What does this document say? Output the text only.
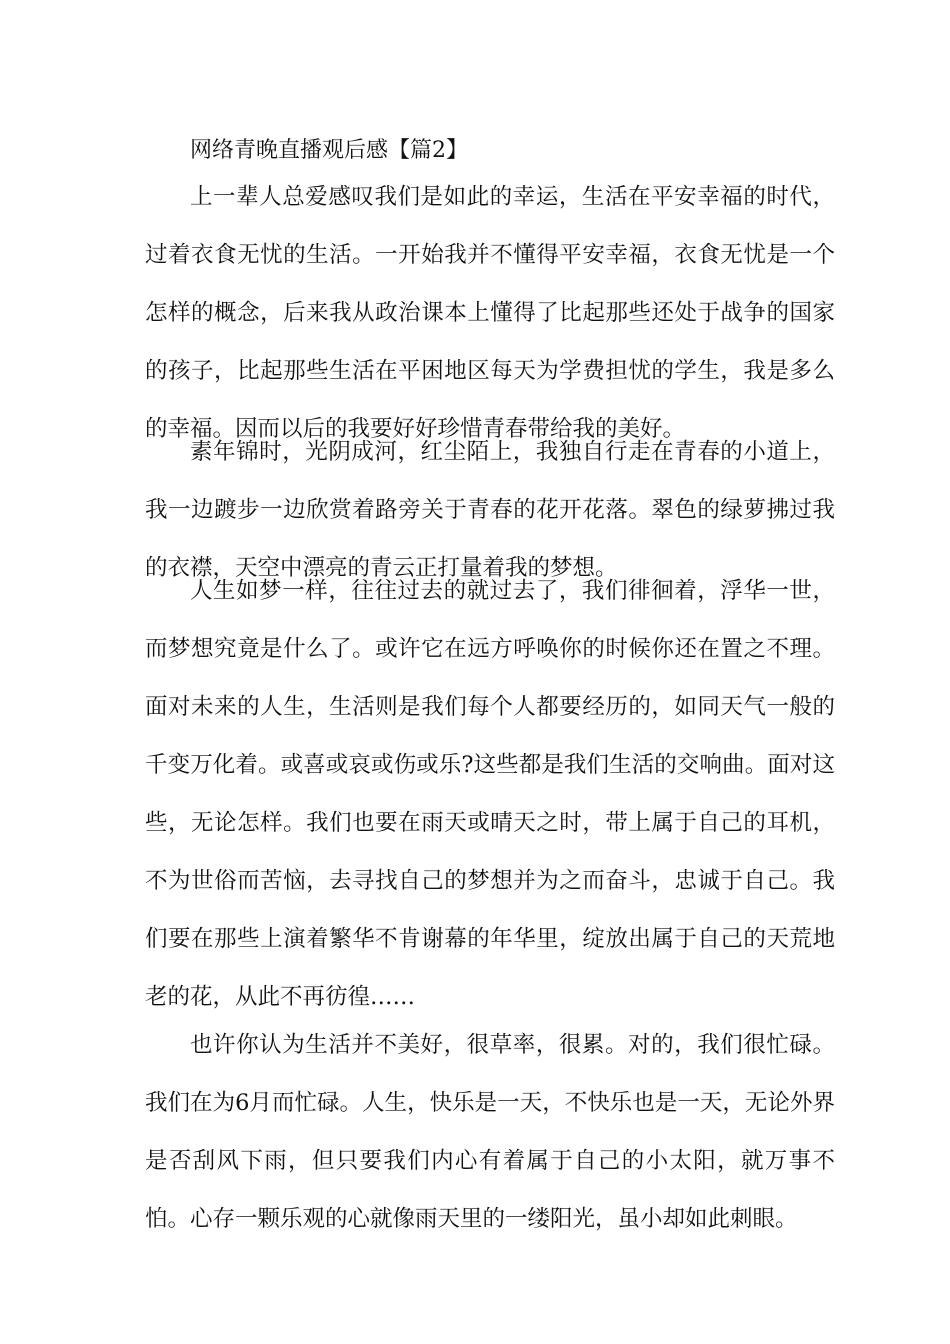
网络青晚直播观后感【篇2】

上一辈人总爱感叹我们是如此的幸运，生活在平安幸福的时代，过着衣食无忧的生活。一开始我并不懂得平安幸福，衣食无忧是一个怎样的概念，后来我从政治课本上懂得了比起那些还处于战争的国家的孩子，比起那些生活在平困地区每天为学费担忧的学生，我是多么的幸福。因而以后的我要好好珍惜青春带给我的美好。

素年锦时，光阴成河，红尘陌上，我独自行走在青春的小道上，我一边踱步一边欣赏着路旁关于青春的花开花落。翠色的绿萝拂过我的衣襟，天空中漂亮的青云正打量着我的梦想。

人生如梦一样，往往过去的就过去了，我们徘徊着，浮华一世，而梦想究竟是什么了。或许它在远方呼唤你的时候你还在置之不理。面对未来的人生，生活则是我们每个人都要经历的，如同天气一般的千变万化着。或喜或哀或伤或乐?这些都是我们生活的交响曲。面对这些，无论怎样。我们也要在雨天或晴天之时，带上属于自己的耳机，不为世俗而苦恼，去寻找自己的梦想并为之而奋斗，忠诚于自己。我们要在那些上演着繁华不肯谢幕的年华里，绽放出属于自己的天荒地老的花，从此不再彷徨……

也许你认为生活并不美好，很草率，很累。对的，我们很忙碌。我们在为6月而忙碌。人生，快乐是一天，不快乐也是一天，无论外界是否刮风下雨，但只要我们内心有着属于自己的小太阳，就万事不怕。心存一颗乐观的心就像雨天里的一缕阳光，虽小却如此刺眼。
